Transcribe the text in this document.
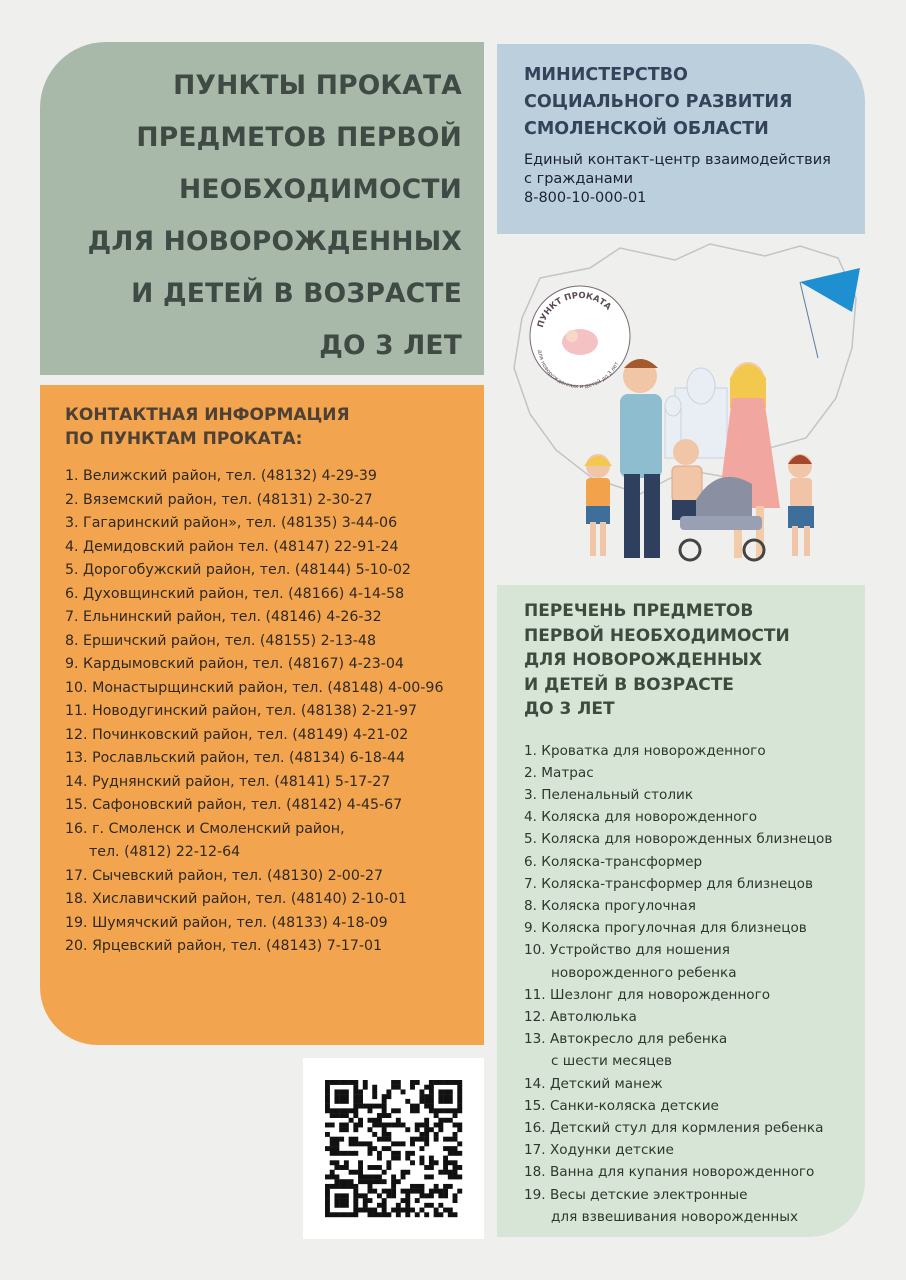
ПУНКТЫ ПРОКАТА
ПРЕДМЕТОВ ПЕРВОЙ
НЕОБХОДИМОСТИ
ДЛЯ НОВОРОЖДЕННЫХ
И ДЕТЕЙ В ВОЗРАСТЕ
ДО 3 ЛЕТ
МИНИСТЕРСТВО
СОЦИАЛЬНОГО РАЗВИТИЯ
СМОЛЕНСКОЙ ОБЛАСТИ
Единый контакт-центр взаимодействия
с гражданами
8-800-10-000-01
ПУНКТ ПРОКАТА
для новорожденных и детей до 3 лет
КОНТАКТНАЯ ИНФОРМАЦИЯ
ПО ПУНКТАМ ПРОКАТА:
1. Велижский район, тел. (48132) 4-29-39
2. Вяземский район, тел. (48131) 2-30-27
3. Гагаринский район», тел. (48135) 3-44-06
4. Демидовский район тел. (48147) 22-91-24
5. Дорогобужский район, тел. (48144) 5-10-02
6. Духовщинский район, тел. (48166) 4-14-58
7. Ельнинский район, тел. (48146) 4-26-32
8. Ершичский район, тел. (48155) 2-13-48
9. Кардымовский район, тел. (48167) 4-23-04
10. Монастырщинский район, тел. (48148) 4-00-96
11. Новодугинский район, тел. (48138) 2-21-97
12. Починковский район, тел. (48149) 4-21-02
13. Рославльский район, тел. (48134) 6-18-44
14. Руднянский район, тел. (48141) 5-17-27
15. Сафоновский район, тел. (48142) 4-45-67
16. г. Смоленск и Смоленский район,
тел. (4812) 22-12-64
17. Сычевский район, тел. (48130) 2-00-27
18. Хиславичский район, тел. (48140) 2-10-01
19. Шумячский район, тел. (48133) 4-18-09
20. Ярцевский район, тел. (48143) 7-17-01
ПЕРЕЧЕНЬ ПРЕДМЕТОВ
ПЕРВОЙ НЕОБХОДИМОСТИ
ДЛЯ НОВОРОЖДЕННЫХ
И ДЕТЕЙ В ВОЗРАСТЕ
ДО 3 ЛЕТ
1. Кроватка для новорожденного
2. Матрас
3. Пеленальный столик
4. Коляска для новорожденного
5. Коляска для новорожденных близнецов
6. Коляска-трансформер
7. Коляска-трансформер для близнецов
8. Коляска прогулочная
9. Коляска прогулочная для близнецов
10. Устройство для ношения
новорожденного ребенка
11. Шезлонг для новорожденного
12. Автолюлька
13. Автокресло для ребенка
с шести месяцев
14. Детский манеж
15. Санки-коляска детские
16. Детский стул для кормления ребенка
17. Ходунки детские
18. Ванна для купания новорожденного
19. Весы детские электронные
для взвешивания новорожденных
